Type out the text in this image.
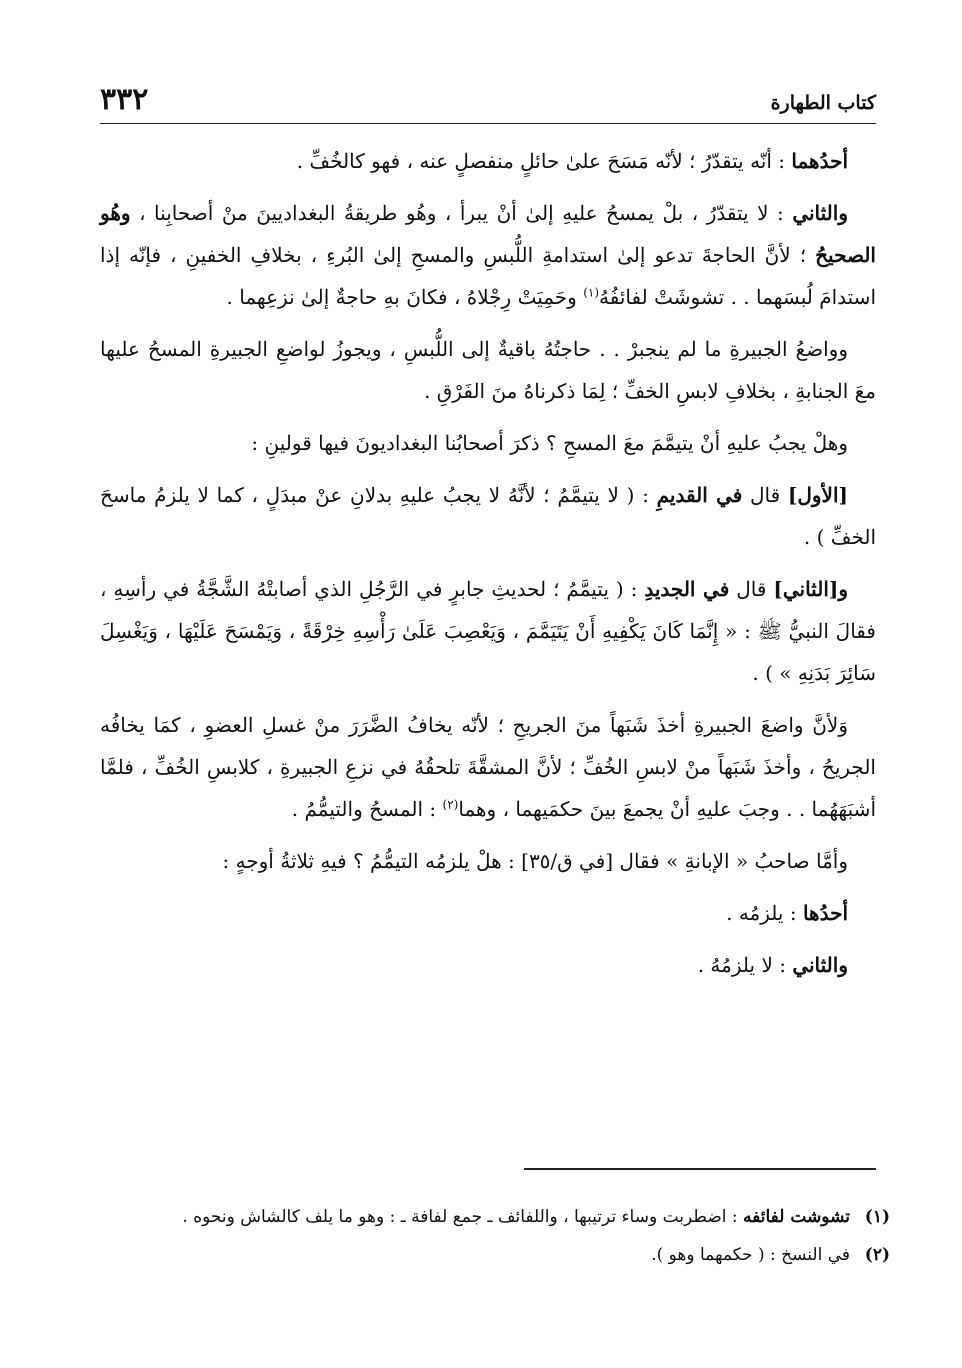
٣٣٢	كتاب الطهارة

أحدُهما : أنّه يتقدّرُ ؛ لأنّه مَسَحَ علىٰ حائلٍ منفصلٍ عنه ، فهو كالخُفِّ .

والثاني : لا يتقدّرُ ، بلْ يمسحُ عليهِ إلىٰ أنْ يبرأ ، وهُو طريقةُ البغداديينَ منْ أصحابِنا ، وهُو الصحيحُ ؛ لأنَّ الحاجةَ تدعو إلىٰ استدامةِ اللُّبسِ والمسحِ إلىٰ البُرءِ ، بخلافِ الخفينِ ، فإنّه إذا استدامَ لُبسَهما . . تشوشَتْ لفائفُهُ$^{(١)}$ وحَمِيَتْ رِجْلاهُ ، فكانَ بهِ حاجةٌ إلىٰ نزعِهما .

وواضعُ الجبيرةِ ما لم ينجبرْ . . حاجتُهُ باقيةٌ إلى اللُّبسِ ، ويجوزُ لواضعِ الجبيرةِ المسحُ عليها معَ الجنابةِ ، بخلافِ لابسِ الخفِّ ؛ لِمَا ذكرناهُ منَ الفَرْقِ .

وهلْ يجبُ عليهِ أنْ يتيمَّمَ معَ المسحِ ؟ ذكرَ أصحابُنا البغداديونَ فيها قولينِ :

[الأول] قال في القديمِ : ( لا يتيمَّمُ ؛ لأنَّهُ لا يجبُ عليهِ بدلانِ عنْ مبدَلٍ ، كما لا يلزمُ ماسحَ الخفِّ ) .

و[الثاني] قال في الجديدِ : ( يتيمَّمُ ؛ لحديثِ جابرٍ في الرَّجُلِ الذي أصابتْهُ الشَّجَّةُ في رأسِهِ ، فقالَ النبيُّ ﷺ : « إِنَّمَا كَانَ يَكْفِيهِ أَنْ يَتَيَمَّمَ ، وَيَعْصِبَ عَلَىٰ رَأْسِهِ خِرْقَةً ، وَيَمْسَحَ عَلَيْهَا ، وَيَغْسِلَ سَائِرَ بَدَنِهِ » ) .

وَلأنَّ واضعَ الجبيرةِ أخذَ شَبَهاً منَ الجريحِ ؛ لأنّه يخافُ الضَّرَرَ منْ غسلِ العضوِ ، كمَا يخافُه الجريحُ ، وأخذَ شَبَهاً منْ لابسِ الخُفِّ ؛ لأنَّ المشقَّةَ تلحقُهُ في نزعِ الجبيرةِ ، كلابسِ الخُفِّ ، فلمَّا أشبَهَهُما . . وجبَ عليهِ أنْ يجمعَ بينَ حكمَيهما ، وهما$^{(٢)}$ : المسحُ والتيمُّمُ .

وأمَّا صاحبُ « الإبانةِ » فقال [في ق/٣٥] : هلْ يلزمُه التيمُّمُ ؟ فيهِ ثلاثةُ أوجهٍ :

أحدُها : يلزمُه .

والثاني : لا يلزمُهُ .

(١)
تشوشت لفائفه : اضطربت وساء ترتيبها ، واللفائف ـ جمع لفافة ـ : وهو ما يلف كالشاش ونحوه .
(٢)
في النسخ : ( حكمهما وهو ).
